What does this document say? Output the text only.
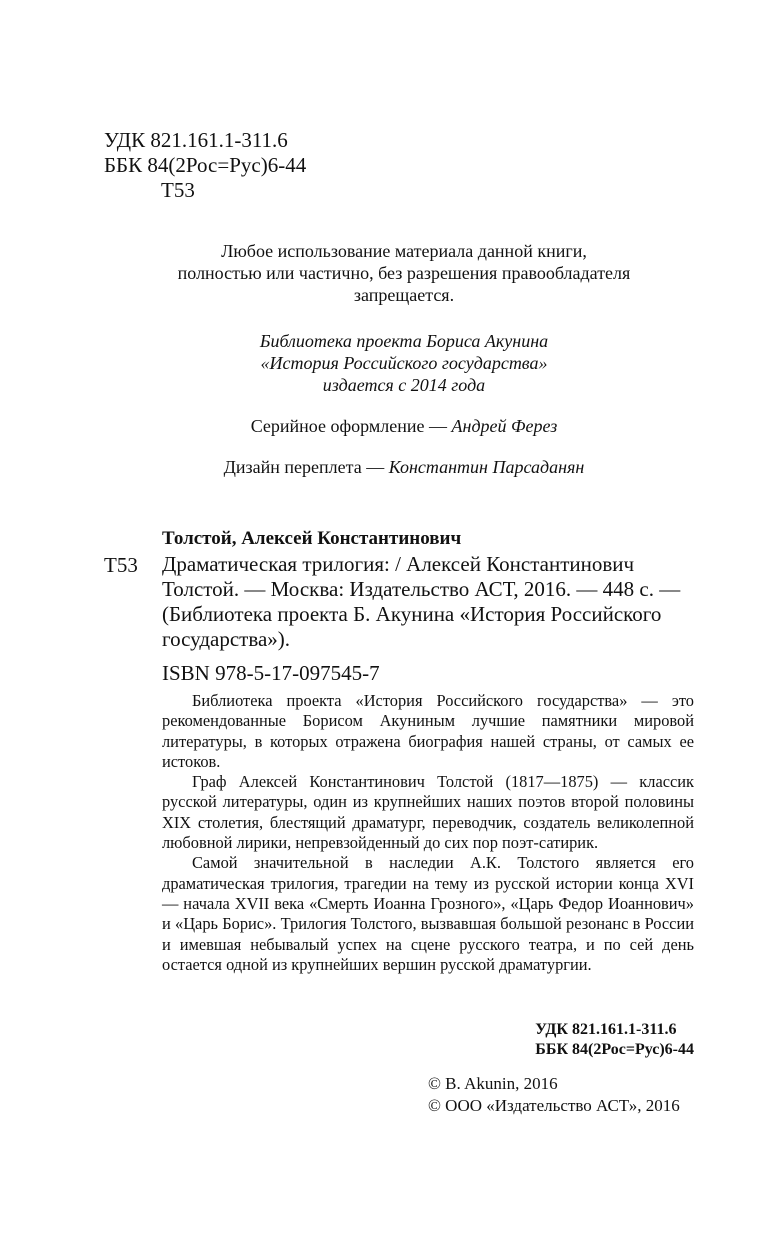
УДК 821.161.1-311.6
ББК 84(2Рос=Рус)6-44

Т53
Любое использование материала данной книги,
полностью или частично, без разрешения правообладателя
запрещается.
Библиотека проекта Бориса Акунина
«История Российского государства»
издается с 2014 года
Серийное оформление — Андрей Ферез
Дизайн переплета — Константин Парсаданян
Толстой, Алексей Константинович
Т53 Драматическая трилогия: / Алексей Константинович
Толстой. — Москва: Издательство АСТ, 2016. — 448 с. —
(Библиотека проекта Б. Акунина «История Российского
государства»).
ISBN 978-5-17-097545-7

Библиотека проекта «История Российского государства» — это рекомендованные Борисом Акуниным лучшие памятники мировой литературы, в которых отражена биография нашей страны, от самых ее истоков.

Граф Алексей Константинович Толстой (1817—1875) — классик русской литературы, один из крупнейших наших поэтов второй половины XIX столетия, блестящий драматург, переводчик, создатель великолепной любовной лирики, непревзойденный до сих пор поэт-сатирик.

Самой значительной в наследии А.К. Толстого является его драматическая трилогия, трагедии на тему из русской истории конца XVI — начала XVII века «Смерть Иоанна Грозного», «Царь Федор Иоаннович» и «Царь Борис». Трилогия Толстого, вызвавшая большой резонанс в России и имевшая небывалый успех на сцене русского театра, и по сей день остается одной из крупнейших вершин русской драматургии.

УДК 821.161.1-311.6
ББК 84(2Рос=Рус)6-44
© B. Akunin, 2016
© ООО «Издательство АСТ», 2016
